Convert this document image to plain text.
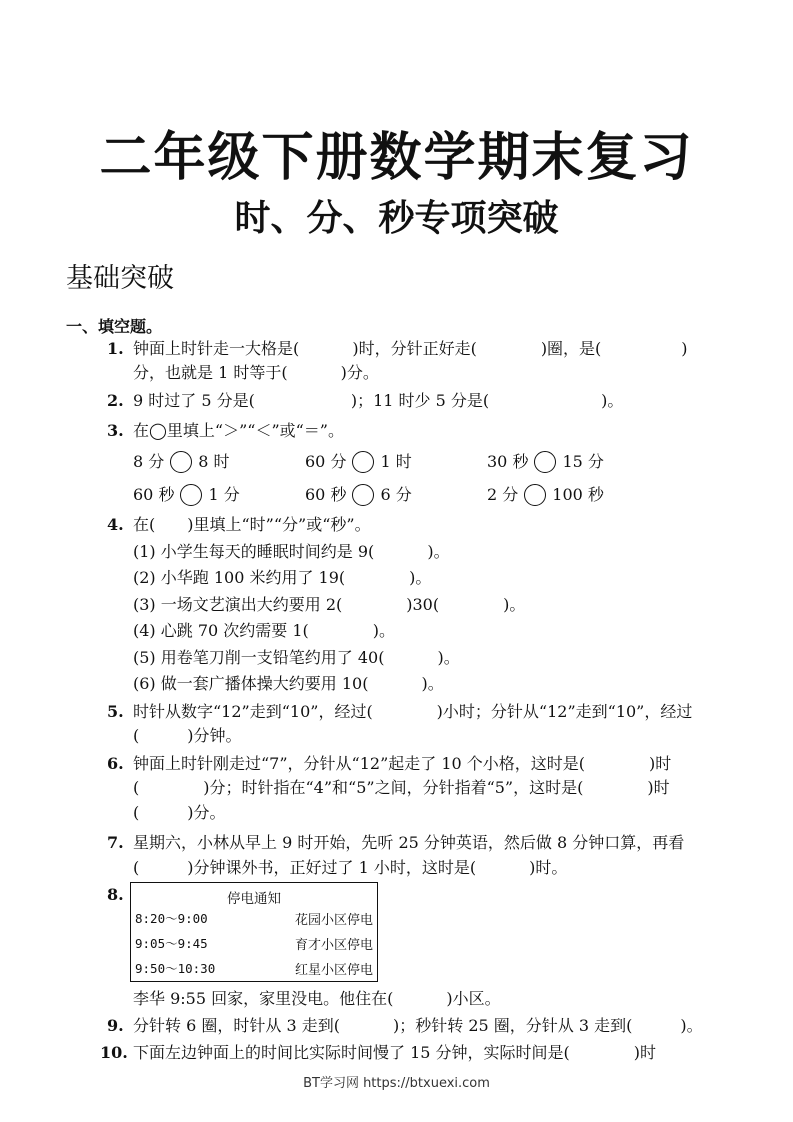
二年级下册数学期末复习
时、分、秒专项突破
基础突破
一、填空题。
1. 钟面上时针走一大格是(　　　 )时，分针正好走(　　　　)圈，是(　　　　　)
分，也就是 1 时等于(　　　 )分。
2. 9 时过了 5 分是(　　　　　　)；11 时少 5 分是(　　　　　　　)。
3. 在◯里填上“＞”“＜”或“＝”。
8 分 8 时	60 分 1 时	30 秒 15 分
60 秒 1 分	60 秒 6 分	2 分 100 秒
4. 在(　　)里填上“时”“分”或“秒”。
(1) 小学生每天的睡眠时间约是 9(　　　 )。
(2) 小华跑 100 米约用了 19(　　　　)。
(3) 一场文艺演出大约要用 2(　　　　)30(　　　　)。
(4) 心跳 70 次约需要 1(　　　　)。
(5) 用卷笔刀削一支铅笔约用了 40(　　　 )。
(6) 做一套广播体操大约要用 10(　　　 )。
5. 时针从数字“12”走到“10”，经过(　　　　)小时；分针从“12”走到“10”，经过
(　　　)分钟。
6. 钟面上时针刚走过“7”，分针从“12”起走了 10 个小格，这时是(　　　　)时
(　　　　)分；时针指在“4”和“5”之间，分针指着“5”，这时是(　　　　)时
(　　　)分。
7. 星期六，小林从早上 9 时开始，先听 25 分钟英语，然后做 8 分钟口算，再看
(　　　)分钟课外书，正好过了 1 小时，这时是(　　　 )时。
8.	停电通知
8:20～9:00	花园小区停电
9:05～9:45	育才小区停电
9:50～10:30	红星小区停电
李华 9:55 回家，家里没电。他住在(　　　 )小区。
9. 分针转 6 圈，时针从 3 走到(　　　 )；秒针转 25 圈，分针从 3 走到(　　　)。
10. 下面左边钟面上的时间比实际时间慢了 15 分钟，实际时间是(　　　　)时
BT学习网 https://btxuexi.com
